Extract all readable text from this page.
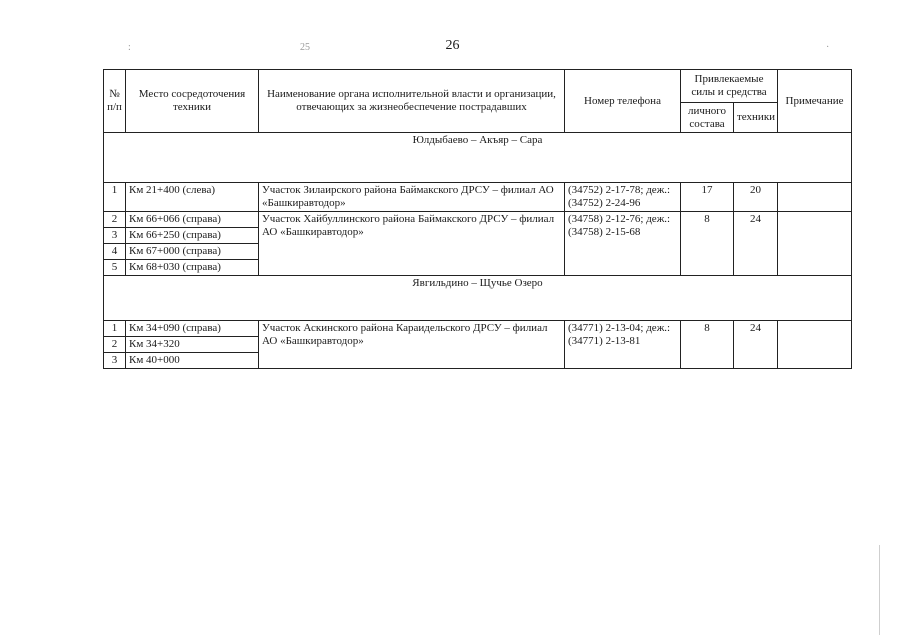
26
:	25	·
№ п/п	Место сосредоточения техники	Наименование органа исполнительной власти и организации, отвечающих за жизнеобеспечение пострадавших	Номер телефона	Привлекаемые силы и средства		Примечание
				личного состава	техники	
Юлдыбаево – Акъяр – Сара						
1	Км 21+400 (слева)	Участок Зилаирского района Баймакского ДРСУ – филиал АО «Башкиравтодор»	(34752) 2-17-78; деж.: (34752) 2-24-96	17	20	
2	Км 66+066 (справа)	Участок Хайбуллинского района Баймакского ДРСУ – филиал АО «Башкиравтодор»	(34758) 2-12-76; деж.: (34758) 2-15-68	8	24	
3	Км 66+250 (справа)					
4	Км 67+000 (справа)					
5	Км 68+030 (справа)					
Явгильдино – Щучье Озеро						
1	Км 34+090 (справа)	Участок Аскинского района Караидельского ДРСУ – филиал АО «Башкиравтодор»	(34771) 2-13-04; деж.: (34771) 2-13-81	8	24	
2	Км 34+320					
3	Км 40+000					
